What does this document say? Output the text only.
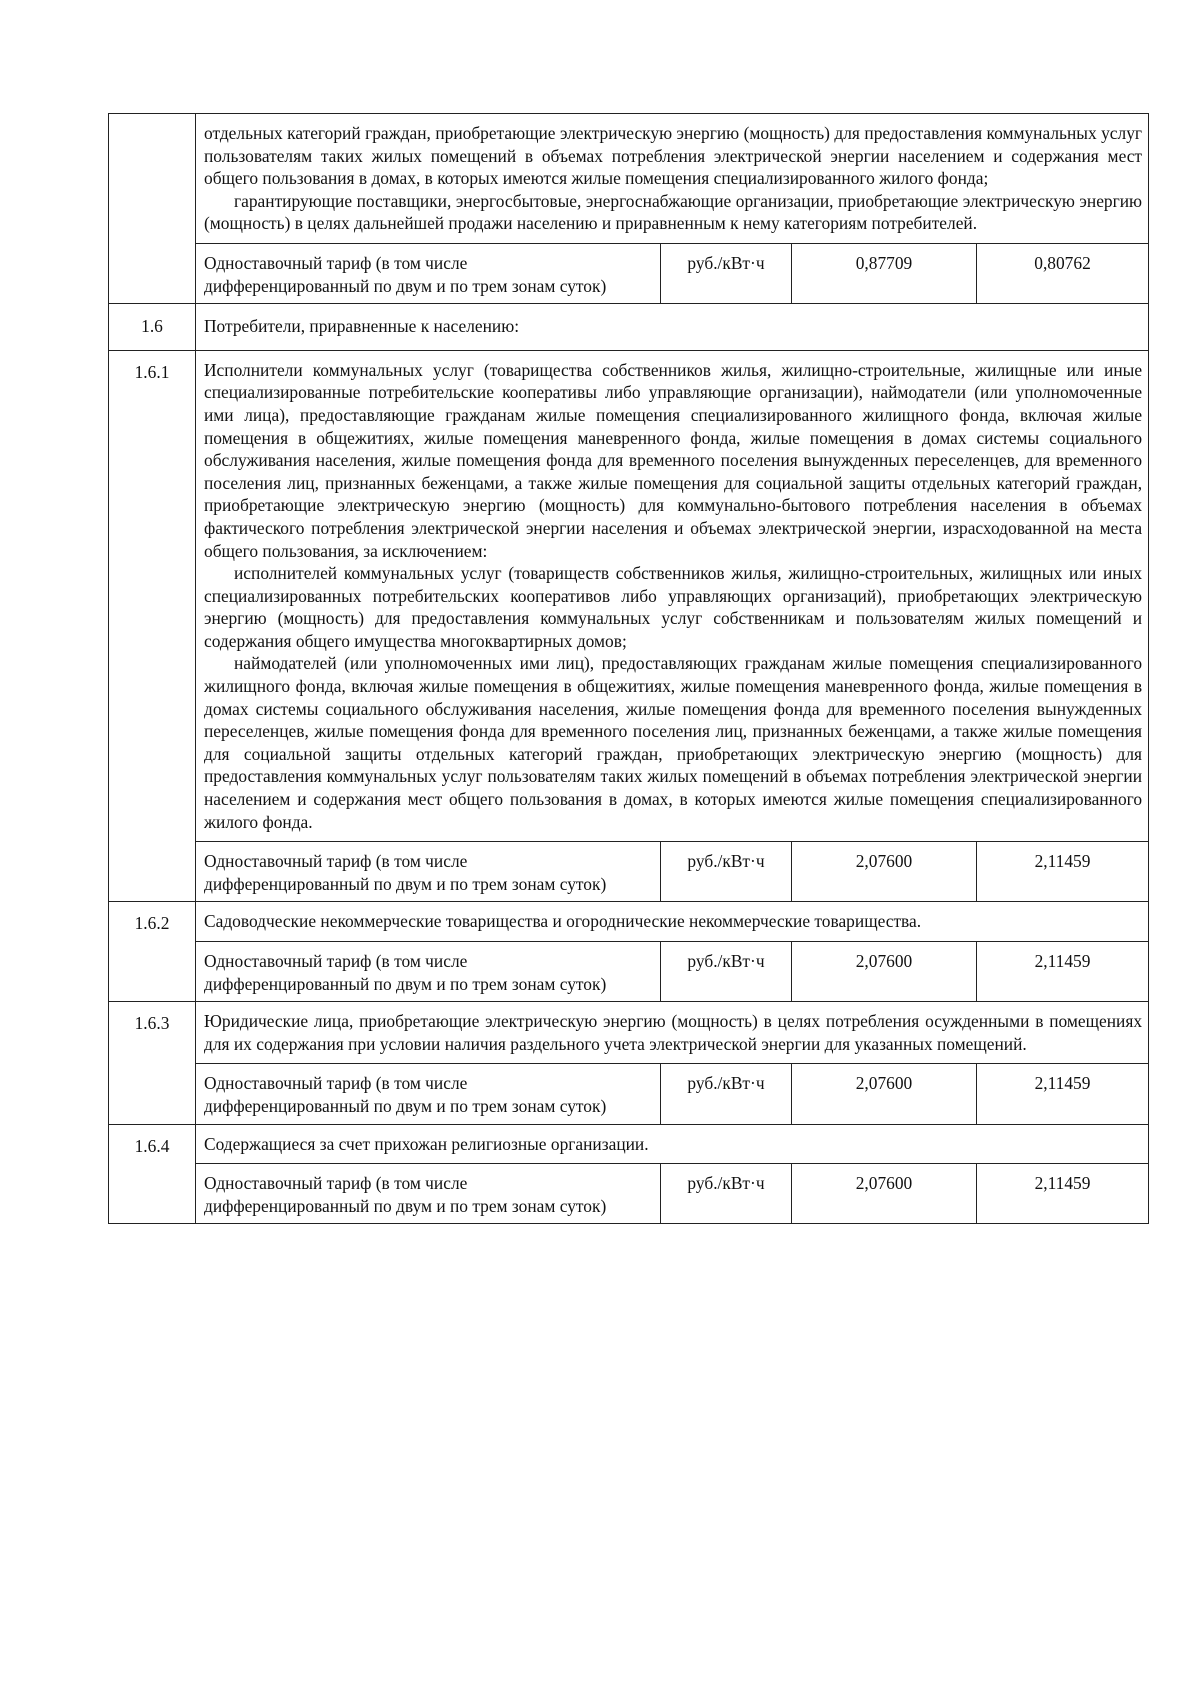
	отдельных категорий граждан, приобретающие электрическую энергию (мощность) для предоставления коммунальных услуг пользователям таких жилых помещений в объемах потребления электрической энергии населением и содержания мест общего пользования в домах, в которых имеются жилые помещения специализированного жилого фонда;

гарантирующие поставщики, энергосбытовые, энергоснабжающие организации, приобретающие электрическую энергию (мощность) в целях дальнейшей продажи населению и приравненным к нему категориям потребителей.			

	Одноставочный тариф (в том числе дифференцированный по двум и по трем зонам суток)	руб./кВт·ч	0,87709	0,80762
1.6	Потребители, приравненные к населению:			
1.6.1	Исполнители коммунальных услуг (товарищества собственников жилья, жилищно-строительные, жилищные или иные специализированные потребительские кооперативы либо управляющие организации), наймодатели (или уполномоченные ими лица), предоставляющие гражданам жилые помещения специализированного жилищного фонда, включая жилые помещения в общежитиях, жилые помещения маневренного фонда, жилые помещения в домах системы социального обслуживания населения, жилые помещения фонда для временного поселения вынужденных переселенцев, для временного поселения лиц, признанных беженцами, а также жилые помещения для социальной защиты отдельных категорий граждан, приобретающие электрическую энергию (мощность) для коммунально-бытового потребления населения в объемах фактического потребления электрической энергии населения и объемах электрической энергии, израсходованной на места общего пользования, за исключением:

исполнителей коммунальных услуг (товариществ собственников жилья, жилищно-строительных, жилищных или иных специализированных потребительских кооперативов либо управляющих организаций), приобретающих электрическую энергию (мощность) для предоставления коммунальных услуг собственникам и пользователям жилых помещений и содержания общего имущества многоквартирных домов;

наймодателей (или уполномоченных ими лиц), предоставляющих гражданам жилые помещения специализированного жилищного фонда, включая жилые помещения в общежитиях, жилые помещения маневренного фонда, жилые помещения в домах системы социального обслуживания населения, жилые помещения фонда для временного поселения вынужденных переселенцев, жилые помещения фонда для временного поселения лиц, признанных беженцами, а также жилые помещения для социальной защиты отдельных категорий граждан, приобретающих электрическую энергию (мощность) для предоставления коммунальных услуг пользователям таких жилых помещений в объемах потребления электрической энергии населением и содержания мест общего пользования в домах, в которых имеются жилые помещения специализированного жилого фонда.			

	Одноставочный тариф (в том числе дифференцированный по двум и по трем зонам суток)	руб./кВт·ч	2,07600	2,11459
1.6.2	Садоводческие некоммерческие товарищества и огороднические некоммерческие товарищества.			
	Одноставочный тариф (в том числе дифференцированный по двум и по трем зонам суток)	руб./кВт·ч	2,07600	2,11459
1.6.3	Юридические лица, приобретающие электрическую энергию (мощность) в целях потребления осужденными в помещениях для их содержания при условии наличия раздельного учета электрической энергии для указанных помещений.			
	Одноставочный тариф (в том числе дифференцированный по двум и по трем зонам суток)	руб./кВт·ч	2,07600	2,11459
1.6.4	Содержащиеся за счет прихожан религиозные организации.			
	Одноставочный тариф (в том числе дифференцированный по двум и по трем зонам суток)	руб./кВт·ч	2,07600	2,11459
